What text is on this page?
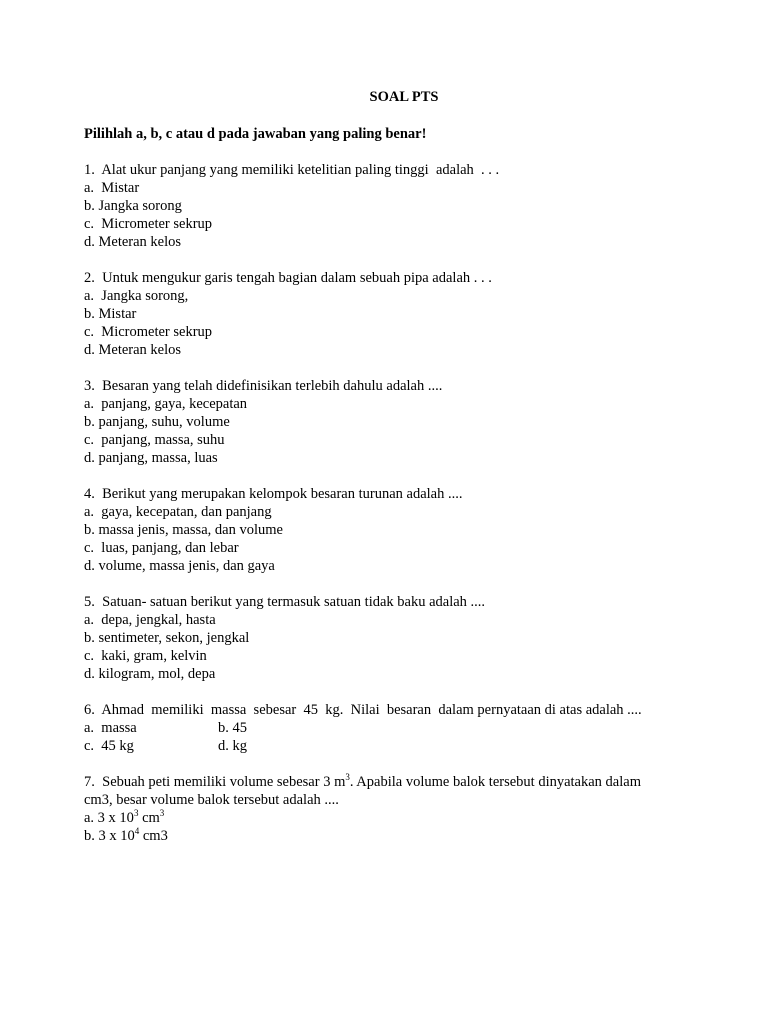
SOAL PTS
Pilihlah a, b, c atau d pada jawaban yang paling benar!
1.  Alat ukur panjang yang memiliki ketelitian paling tinggi  adalah  . . .
a.  Mistar
b. Jangka sorong
c.  Micrometer sekrup
d. Meteran kelos
2.  Untuk mengukur garis tengah bagian dalam sebuah pipa adalah . . .
a.  Jangka sorong,
b. Mistar
c.  Micrometer sekrup
d. Meteran kelos
3.  Besaran yang telah didefinisikan terlebih dahulu adalah ....
a.  panjang, gaya, kecepatan
b. panjang, suhu, volume
c.  panjang, massa, suhu
d. panjang, massa, luas
4.  Berikut yang merupakan kelompok besaran turunan adalah ....
a.  gaya, kecepatan, dan panjang
b. massa jenis, massa, dan volume
c.  luas, panjang, dan lebar
d. volume, massa jenis, dan gaya
5.  Satuan- satuan berikut yang termasuk satuan tidak baku adalah ....
a.  depa, jengkal, hasta
b. sentimeter, sekon, jengkal
c.  kaki, gram, kelvin
d. kilogram, mol, depa
6.  Ahmad  memiliki  massa  sebesar  45  kg.  Nilai  besaran  dalam pernyataan di atas adalah ....
a.  massa	b. 45
c.  45 kg	d. kg
7.  Sebuah peti memiliki volume sebesar 3 $m^3$. Apabila volume balok tersebut dinyatakan dalam
cm3, besar volume balok tersebut adalah ....
a. 3 x $10^3$ $cm^3$
b. 3 x $10^4$ cm3
